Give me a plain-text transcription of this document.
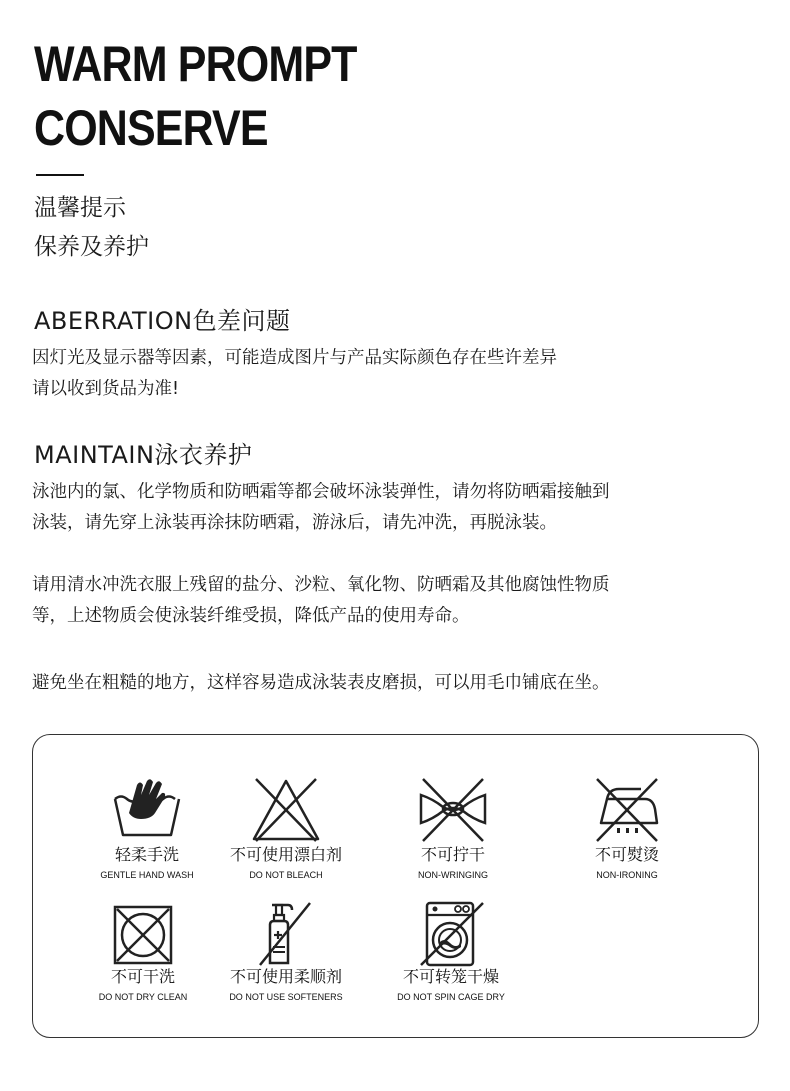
WARM PROMPT
CONSERVE
温馨提示
保养及养护
ABERRATION色差问题
因灯光及显示器等因素，可能造成图片与产品实际颜色存在些许差异
请以收到货品为准!
MAINTAIN泳衣养护
泳池内的氯、化学物质和防晒霜等都会破坏泳装弹性，请勿将防晒霜接触到
泳装，请先穿上泳装再涂抹防晒霜，游泳后，请先冲洗，再脱泳装。
请用清水冲洗衣服上残留的盐分、沙粒、氧化物、防晒霜及其他腐蚀性物质
等，上述物质会使泳装纤维受损，降低产品的使用寿命。
避免坐在粗糙的地方，这样容易造成泳装表皮磨损，可以用毛巾铺底在坐。
轻柔手洗
GENTLE HAND WASH
不可使用漂白剂
DO NOT BLEACH
不可拧干
NON-WRINGING
不可熨烫
NON-IRONING
不可干洗
DO NOT DRY CLEAN
不可使用柔顺剂
DO NOT USE SOFTENERS
不可转笼干燥
DO NOT SPIN CAGE DRY
